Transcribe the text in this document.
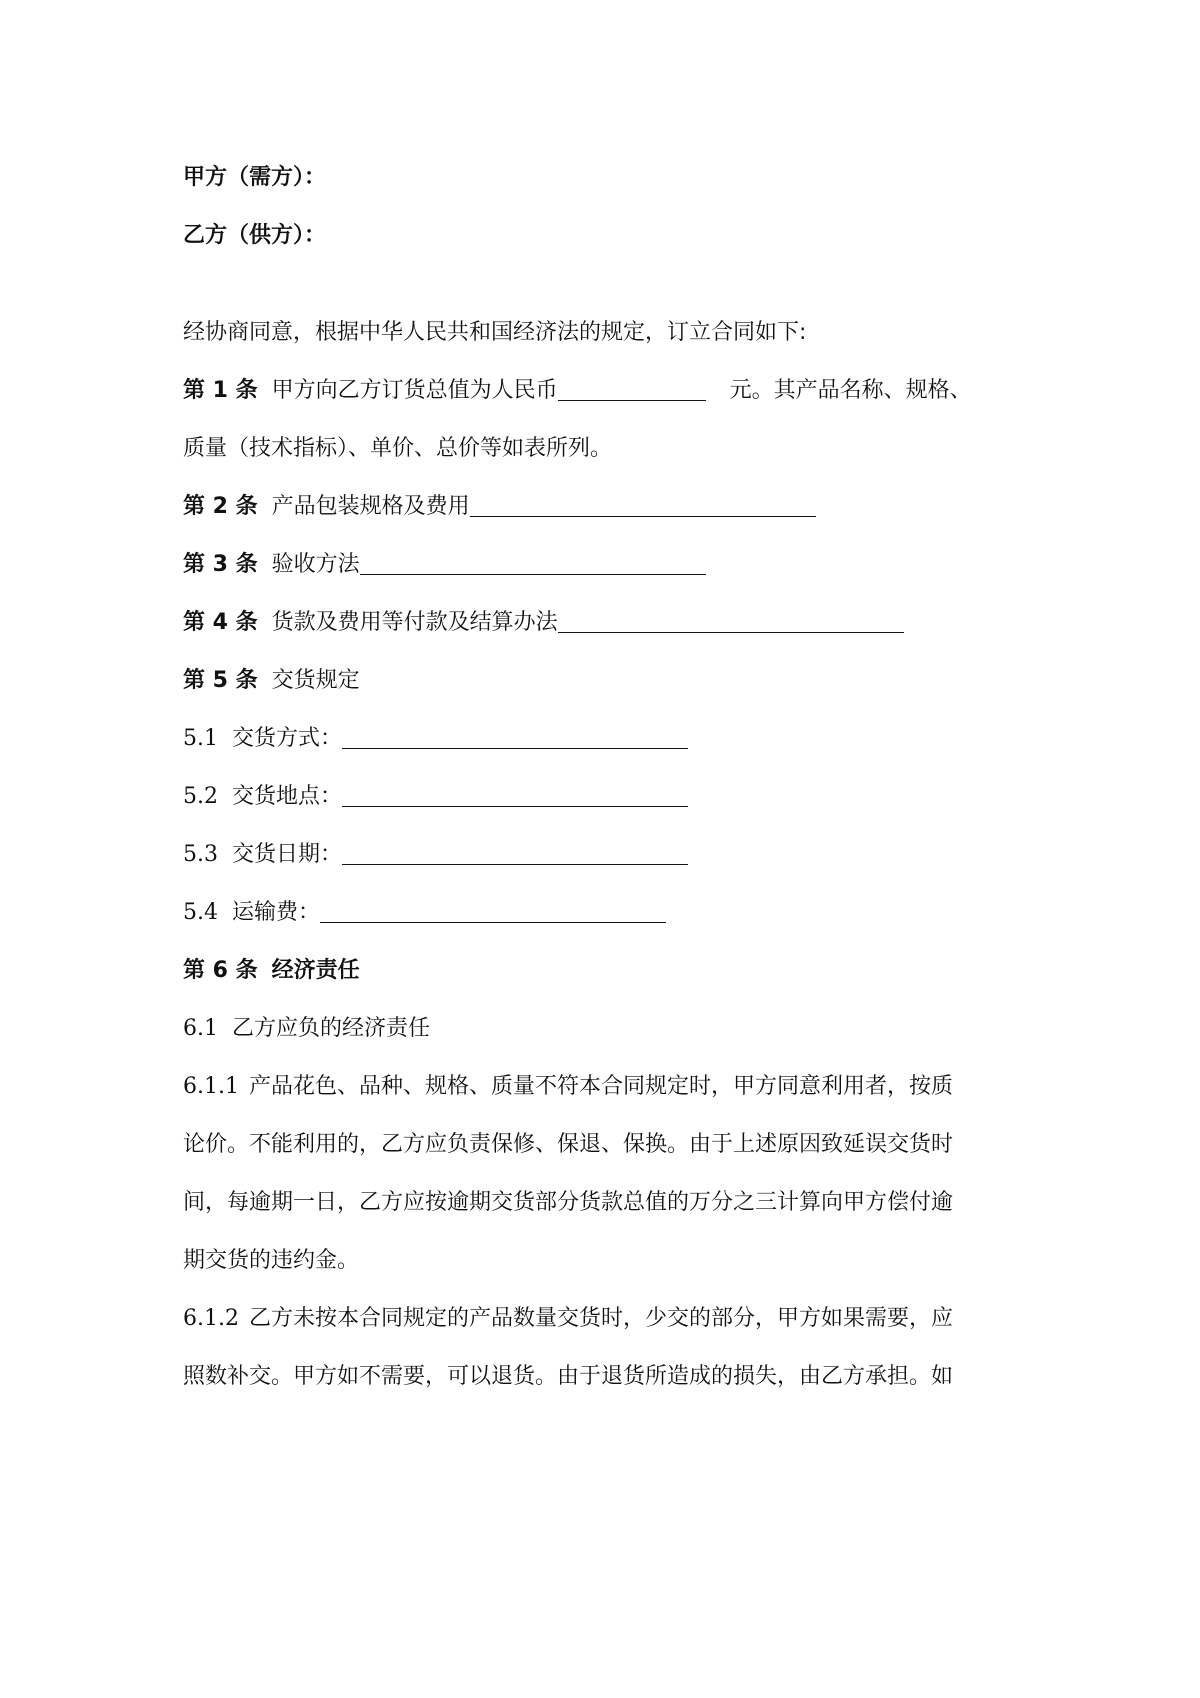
甲方（需方）：
乙方（供方）：
经协商同意，根据中华人民共和国经济法的规定，订立合同如下:
第 1 条 甲方向乙方订货总值为人民币	元。其产品名称、规格、
质量（技术指标）、单价、总价等如表所列。
第 2 条 产品包装规格及费用
第 3 条 验收方法
第 4 条 货款及费用等付款及结算办法
第 5 条 交货规定
5.1 交货方式：
5.2 交货地点：
5.3 交货日期：
5.4 运输费：
第 6 条 经济责任
6.1 乙方应负的经济责任
6.1.1 产品花色、品种、规格、质量不符本合同规定时，甲方同意利用者，按质
论价。不能利用的，乙方应负责保修、保退、保换。由于上述原因致延误交货时
间，每逾期一日，乙方应按逾期交货部分货款总值的万分之三计算向甲方偿付逾
期交货的违约金。
6.1.2 乙方未按本合同规定的产品数量交货时，少交的部分，甲方如果需要，应
照数补交。甲方如不需要，可以退货。由于退货所造成的损失，由乙方承担。如
